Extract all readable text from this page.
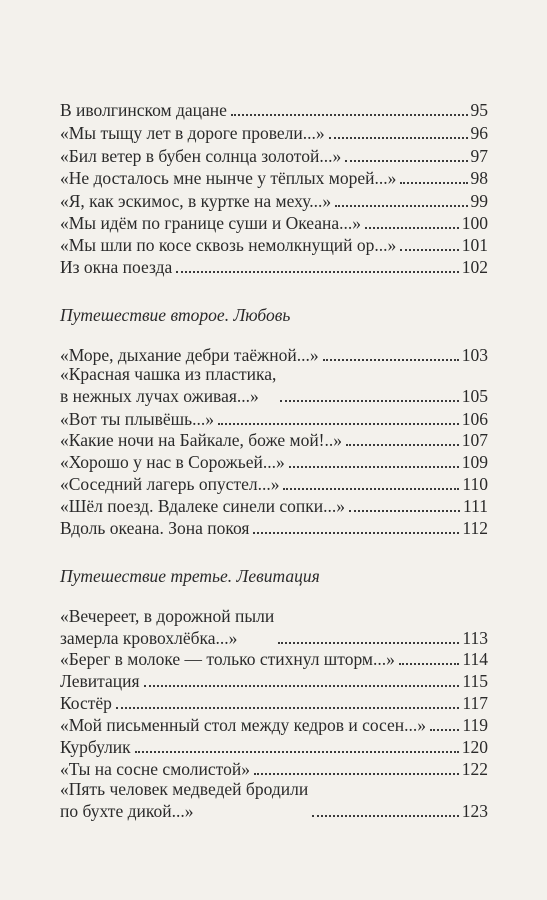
В иволгинском дацане	95
«Мы тыщу лет в дороге провели...»	96
«Бил ветер в бубен солнца золотой...»	97
«Не досталось мне нынче у тёплых морей...»	98
«Я, как эскимос, в куртке на меху...»	99
«Мы идём по границе суши и Океана...»	100
«Мы шли по косе сквозь немолкнущий ор...»	101
Из окна поезда	102
Путешествие второе. Любовь
«Море, дыхание дебри таёжной...»	103
«Красная чашка из пластика,
в нежных лучах оживая...»	105
«Вот ты плывёшь...»	106
«Какие ночи на Байкале, боже мой!..»	107
«Хорошо у нас в Сорожьей...»	109
«Соседний лагерь опустел...»	110
«Шёл поезд. Вдалеке синели сопки...»	111
Вдоль океана. Зона покоя	112
Путешествие третье. Левитация
«Вечереет, в дорожной пыли
замерла кровохлёбка...»	113
«Берег в молоке — только стихнул шторм...»	114
Левитация	115
Костёр	117
«Мой письменный стол между кедров и сосен...» 119
Курбулик	120
«Ты на сосне смолистой»	122
«Пять человек медведей бродили
по бухте дикой...»	123
